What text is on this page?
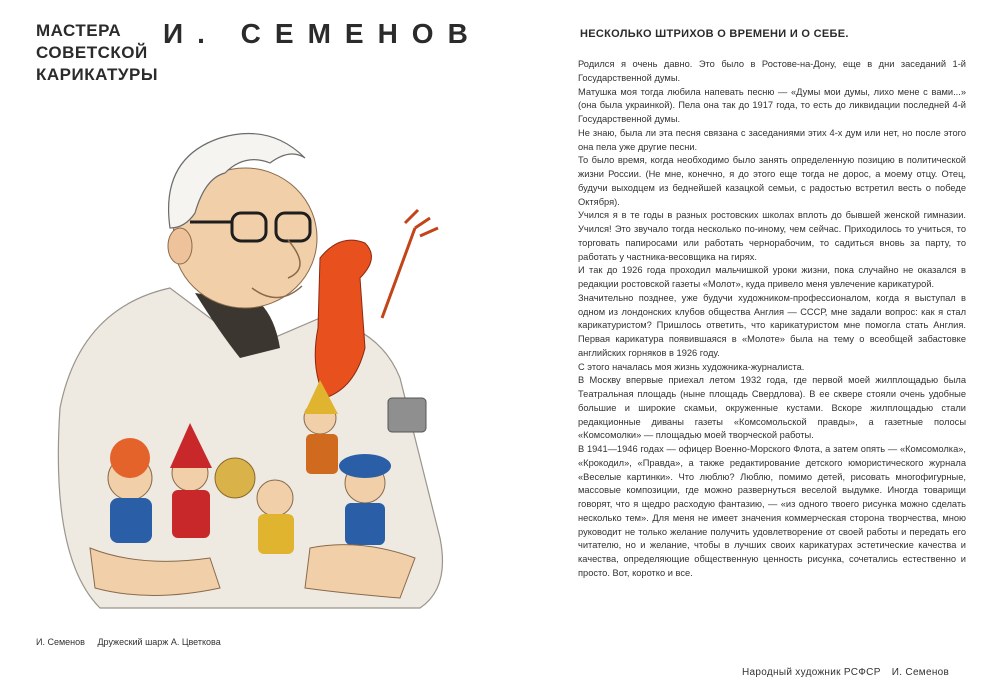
МАСТЕРА
СОВЕТСКОЙ
КАРИКАТУРЫ
И. СЕМЕНОВ
И. Семенов Дружеский шарж А. Цветкова
НЕСКОЛЬКО ШТРИХОВ О ВРЕМЕНИ И О СЕБЕ.

Родился я очень давно. Это было в Ростове-на-Дону, еще в дни заседаний 1-й Государственной думы.

Матушка моя тогда любила напевать песню — «Думы мои думы, лихо мене с вами...» (она была украинкой). Пела она так до 1917 года, то есть до ликвидации последней 4-й Государственной думы.

Не знаю, была ли эта песня связана с заседаниями этих 4-х дум или нет, но после этого она пела уже другие песни.

То было время, когда необходимо было занять определенную позицию в политической жизни России. (Не мне, конечно, я до этого еще тогда не дорос, а моему отцу. Отец, будучи выходцем из беднейшей казацкой семьи, с радостью встретил весть о победе Октября).

Учился я в те годы в разных ростовских школах вплоть до бывшей женской гимназии. Учился! Это звучало тогда несколько по-иному, чем сейчас. Приходилось то учиться, то торговать папиросами или работать чернорабочим, то садиться вновь за парту, то работать у частника-весовщика на гирях.

И так до 1926 года проходил мальчишкой уроки жизни, пока случайно не оказался в редакции ростовской газеты «Молот», куда привело меня увлечение карикатурой.

Значительно позднее, уже будучи художником-профессионалом, когда я выступал в одном из лондонских клубов общества Англия — СССР, мне задали вопрос: как я стал карикатуристом? Пришлось ответить, что карикатуристом мне помогла стать Англия. Первая карикатура появившаяся в «Молоте» была на тему о всеобщей забастовке английских горняков в 1926 году.

С этого началась моя жизнь художника-журналиста.

В Москву впервые приехал летом 1932 года, где первой моей жилплощадью была Театральная площадь (ныне площадь Свердлова). В ее сквере стояли очень удобные большие и широкие скамьи, окруженные кустами. Вскоре жилплощадью стали редакционные диваны газеты «Комсомольской правды», а газетные полосы «Комсомолки» — площадью моей творческой работы.

В 1941—1946 годах — офицер Военно-Морского Флота, а затем опять — «Комсомолка», «Крокодил», «Правда», а также редактирование детского юмористического журнала «Веселые картинки». Что люблю? Люблю, помимо детей, рисовать многофигурные, массовые композиции, где можно развернуться веселой выдумке. Иногда товарищи говорят, что я щедро расходую фантазию, — «из одного твоего рисунка можно сделать несколько тем». Для меня не имеет значения коммерческая сторона творчества, мною руководит не только желание получить удовлетворение от своей работы и передать его читателю, но и желание, чтобы в лучших своих карикатурах эстетические качества и качества, определяющие общественную ценность рисунка, сочетались естественно и просто. Вот, коротко и все.

Народный художник РСФСР И. Семенов
